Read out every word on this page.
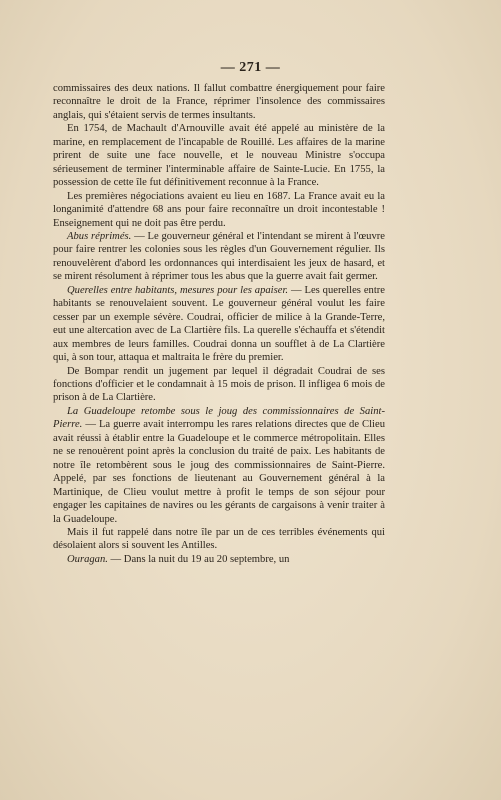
— 271 —

commissaires des deux nations. Il fallut combattre énergiquement pour faire reconnaître le droit de la France, réprimer l'insolence des commissaires anglais, qui s'étaient servis de termes insultants.

En 1754, de Machault d'Arnouville avait été appelé au ministère de la marine, en remplacement de l'incapable de Rouillé. Les affaires de la marine prirent de suite une face nouvelle, et le nouveau Ministre s'occupa sérieusement de terminer l'interminable affaire de Sainte-Lucie. En 1755, la possession de cette île fut définitivement reconnue à la France.

Les premières négociations avaient eu lieu en 1687. La France avait eu la longanimité d'attendre 68 ans pour faire reconnaître un droit incontestable ! Enseignement qui ne doit pas être perdu.

Abus réprimés. — Le gouverneur général et l'intendant se mirent à l'œuvre pour faire rentrer les colonies sous les règles d'un Gouvernement régulier. Ils renouvelèrent d'abord les ordonnances qui interdisaient les jeux de hasard, et se mirent résolument à réprimer tous les abus que la guerre avait fait germer.

Querelles entre habitants, mesures pour les apaiser. — Les querelles entre habitants se renouvelaient souvent. Le gouverneur général voulut les faire cesser par un exemple sévère. Coudrai, officier de milice à la Grande-Terre, eut une altercation avec de La Clartière fils. La querelle s'échauffa et s'étendit aux membres de leurs familles. Coudrai donna un soufflet à de La Clartière qui, à son tour, attaqua et maltraita le frère du premier.

De Bompar rendit un jugement par lequel il dégradait Coudrai de ses fonctions d'officier et le condamnait à 15 mois de prison. Il infligea 6 mois de prison à de La Clartière.

La Guadeloupe retombe sous le joug des commissionnaires de Saint-Pierre. — La guerre avait interrompu les rares relations directes que de Clieu avait réussi à établir entre la Guadeloupe et le commerce métropolitain. Elles ne se renouèrent point après la conclusion du traité de paix. Les habitants de notre île retombèrent sous le joug des commissionnaires de Saint-Pierre. Appelé, par ses fonctions de lieutenant au Gouvernement général à la Martinique, de Clieu voulut mettre à profit le temps de son séjour pour engager les capitaines de navires ou les gérants de cargaisons à venir traiter à la Guadeloupe.

Mais il fut rappelé dans notre île par un de ces terribles événements qui désolaient alors si souvent les Antilles.

Ouragan. — Dans la nuit du 19 au 20 septembre, un
